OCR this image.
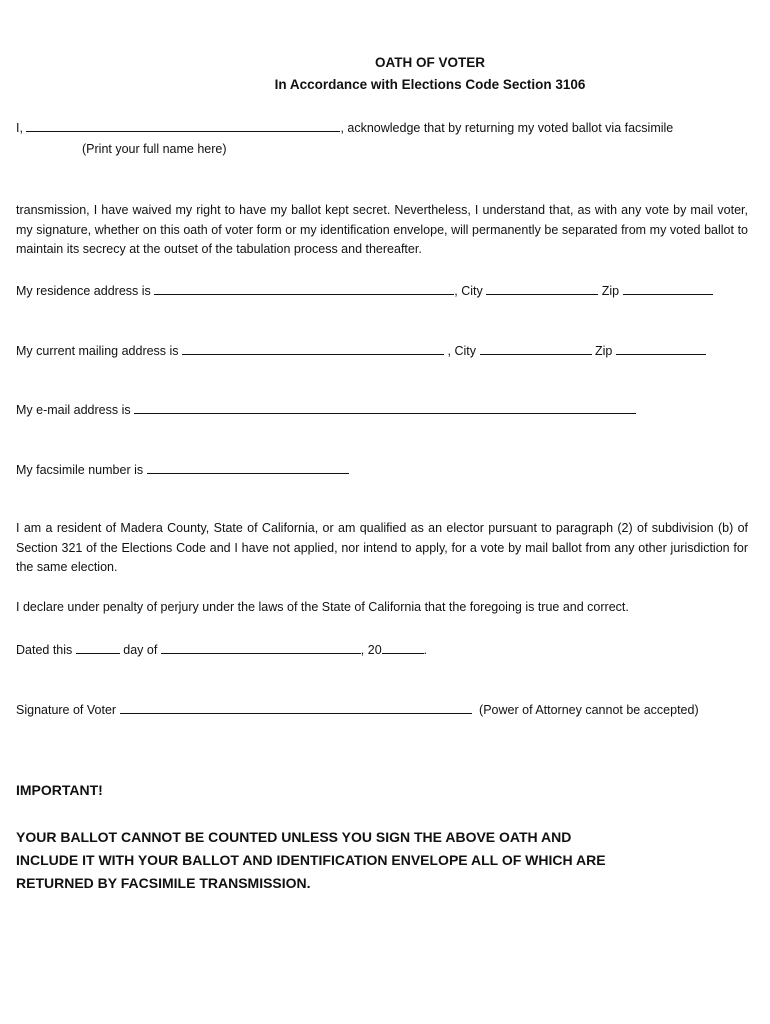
OATH OF VOTER
In Accordance with Elections Code Section 3106
I,	, acknowledge that by returning my voted ballot via facsimile
(Print your full name here)
transmission, I have waived my right to have my ballot kept secret. Nevertheless, I understand that, as with any vote by mail voter, my signature, whether on this oath of voter form or my identification envelope, will permanently be separated from my voted ballot to maintain its secrecy at the outset of the tabulation process and thereafter.
My residence address is	, City	Zip
My current mailing address is	, City	Zip
My e-mail address is
My facsimile number is
I am a resident of Madera County, State of California, or am qualified as an elector pursuant to paragraph (2) of subdivision (b) of Section 321 of the Elections Code and I have not applied, nor intend to apply, for a vote by mail ballot from any other jurisdiction for the same election.
I declare under penalty of perjury under the laws of the State of California that the foregoing is true and correct.
Dated this	day of	, 20	.
Signature of Voter	(Power of Attorney cannot be accepted)
IMPORTANT!
YOUR BALLOT CANNOT BE COUNTED UNLESS YOU SIGN THE ABOVE OATH AND
INCLUDE IT WITH YOUR BALLOT AND IDENTIFICATION ENVELOPE ALL OF WHICH ARE
RETURNED BY FACSIMILE TRANSMISSION.
